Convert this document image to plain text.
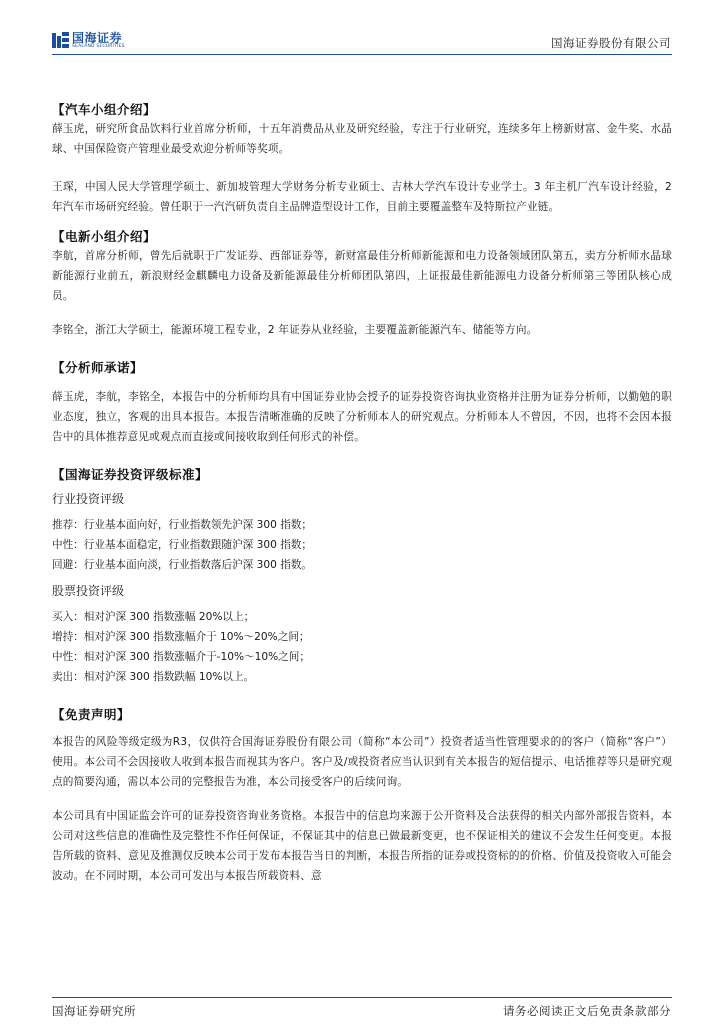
国海证券
SEALAND SECURITIES	国海证券股份有限公司
【汽车小组介绍】
薛玉虎，研究所食品饮料行业首席分析师，十五年消费品从业及研究经验，专注于行业研究，连续多年上榜新财富、金牛奖、水晶球、中国保险资产管理业最受欢迎分析师等奖项。
王琛，中国人民大学管理学硕士、新加坡管理大学财务分析专业硕士、吉林大学汽车设计专业学士。3 年主机厂汽车设计经验，2 年汽车市场研究经验。曾任职于一汽汽研负责自主品牌造型设计工作，目前主要覆盖整车及特斯拉产业链。
【电新小组介绍】
李航，首席分析师，曾先后就职于广发证券、西部证券等，新财富最佳分析师新能源和电力设备领域团队第五，卖方分析师水晶球新能源行业前五，新浪财经金麒麟电力设备及新能源最佳分析师团队第四，上证报最佳新能源电力设备分析师第三等团队核心成员。
李铭全，浙江大学硕士，能源环境工程专业，2 年证券从业经验，主要覆盖新能源汽车、储能等方向。
【分析师承诺】
薛玉虎，李航，李铭全，本报告中的分析师均具有中国证券业协会授予的证券投资咨询执业资格并注册为证券分析师，以勤勉的职业态度，独立，客观的出具本报告。本报告清晰准确的反映了分析师本人的研究观点。分析师本人不曾因，不因，也将不会因本报告中的具体推荐意见或观点而直接或间接收取到任何形式的补偿。
【国海证券投资评级标准】
行业投资评级
推荐：行业基本面向好，行业指数领先沪深 300 指数；
中性：行业基本面稳定，行业指数跟随沪深 300 指数；
回避：行业基本面向淡，行业指数落后沪深 300 指数。
股票投资评级
买入：相对沪深 300 指数涨幅 20%以上；
增持：相对沪深 300 指数涨幅介于 10%～20%之间；
中性：相对沪深 300 指数涨幅介于-10%～10%之间；
卖出：相对沪深 300 指数跌幅 10%以上。
【免责声明】
本报告的风险等级定级为R3，仅供符合国海证券股份有限公司（简称“本公司”）投资者适当性管理要求的的客户（简称“客户”）使用。本公司不会因接收人收到本报告而视其为客户。客户及/或投资者应当认识到有关本报告的短信提示、电话推荐等只是研究观点的简要沟通，需以本公司的完整报告为准，本公司接受客户的后续问询。
本公司具有中国证监会许可的证券投资咨询业务资格。本报告中的信息均来源于公开资料及合法获得的相关内部外部报告资料，本公司对这些信息的准确性及完整性不作任何保证，不保证其中的信息已做最新变更，也不保证相关的建议不会发生任何变更。本报告所载的资料、意见及推测仅反映本公司于发布本报告当日的判断，本报告所指的证券或投资标的的价格、价值及投资收入可能会波动。在不同时期，本公司可发出与本报告所载资料、意
国海证券研究所	请务必阅读正文后免责条款部分
